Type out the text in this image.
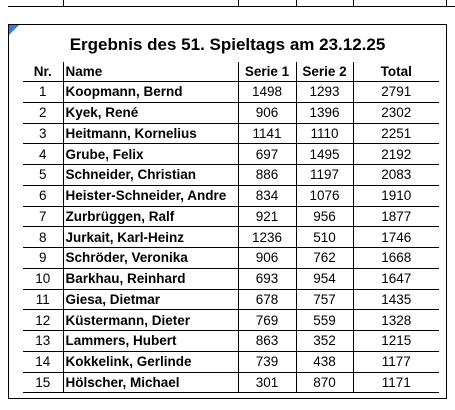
Ergebnis des 51. Spieltags am 23.12.25
Nr.	Name	Serie 1	Serie 2	Total
1	Koopmann, Bernd	1498	1293	2791
2	Kyek, René	906	1396	2302
3	Heitmann, Kornelius	1141	1110	2251
4	Grube, Felix	697	1495	2192
5	Schneider, Christian	886	1197	2083
6	Heister-Schneider, Andre	834	1076	1910
7	Zurbrüggen, Ralf	921	956	1877
8	Jurkait, Karl-Heinz	1236	510	1746
9	Schröder, Veronika	906	762	1668
10	Barkhau, Reinhard	693	954	1647
11	Giesa, Dietmar	678	757	1435
12	Küstermann, Dieter	769	559	1328
13	Lammers, Hubert	863	352	1215
14	Kokkelink, Gerlinde	739	438	1177
15	Hölscher, Michael	301	870	1171
